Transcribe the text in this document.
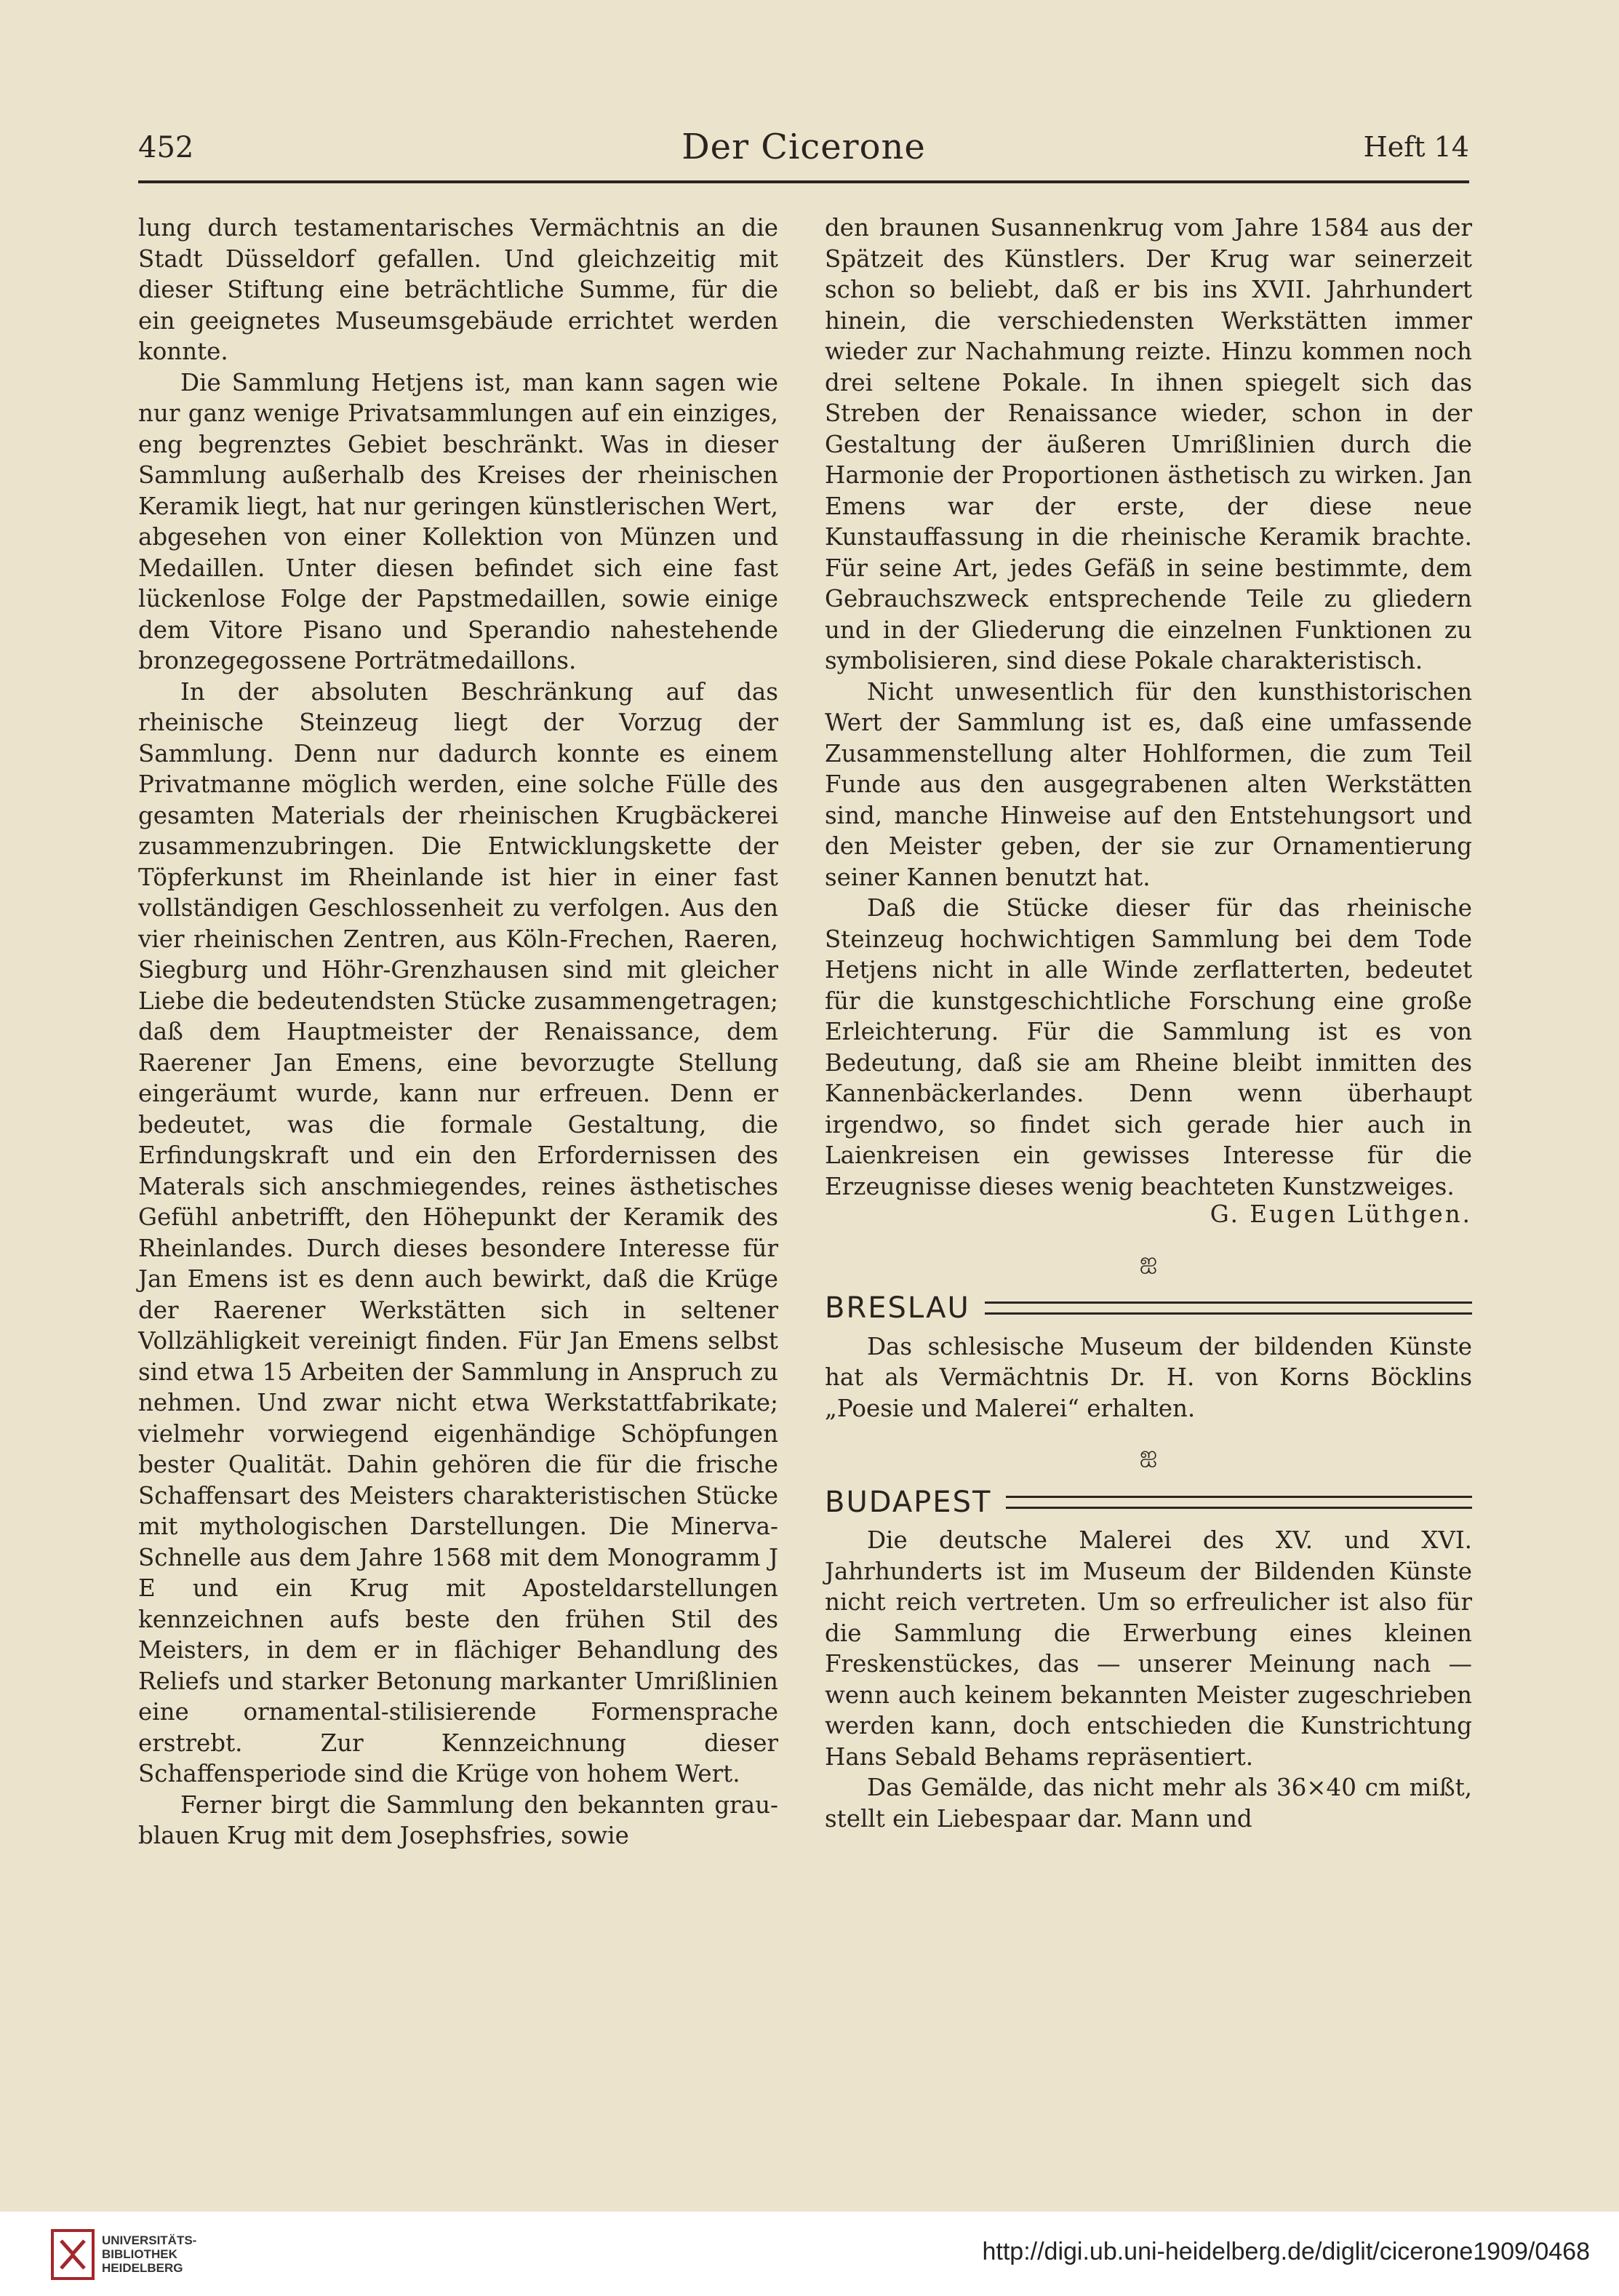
452	Der Cicerone	Heft 14

lung durch testamentarisches Vermächtnis an die Stadt Düsseldorf gefallen. Und gleichzeitig mit dieser Stiftung eine beträchtliche Summe, für die ein geeignetes Museumsgebäude errichtet werden konnte.

Die Sammlung Hetjens ist, man kann sagen wie nur ganz wenige Privatsammlungen auf ein einziges, eng begrenztes Gebiet beschränkt. Was in dieser Sammlung außerhalb des Kreises der rheinischen Keramik liegt, hat nur geringen künstlerischen Wert, abgesehen von einer Kollektion von Münzen und Medaillen. Unter diesen befindet sich eine fast lückenlose Folge der Papstmedaillen, sowie einige dem Vitore Pisano und Sperandio nahestehende bronzegegossene Porträtmedaillons.

In der absoluten Beschränkung auf das rheinische Steinzeug liegt der Vorzug der Sammlung. Denn nur dadurch konnte es einem Privatmanne möglich werden, eine solche Fülle des gesamten Materials der rheinischen Krugbäckerei zusammenzubringen. Die Entwicklungskette der Töpferkunst im Rheinlande ist hier in einer fast vollständigen Geschlossenheit zu verfolgen. Aus den vier rheinischen Zentren, aus Köln-Frechen, Raeren, Siegburg und Höhr-Grenzhausen sind mit gleicher Liebe die bedeutendsten Stücke zusammengetragen; daß dem Hauptmeister der Renaissance, dem Raerener Jan Emens, eine bevorzugte Stellung eingeräumt wurde, kann nur erfreuen. Denn er bedeutet, was die formale Gestaltung, die Erfindungskraft und ein den Erfordernissen des Materals sich anschmiegendes, reines ästhetisches Gefühl anbetrifft, den Höhepunkt der Keramik des Rheinlandes. Durch dieses besondere Interesse für Jan Emens ist es denn auch bewirkt, daß die Krüge der Raerener Werkstätten sich in seltener Vollzähligkeit vereinigt finden. Für Jan Emens selbst sind etwa 15 Arbeiten der Sammlung in Anspruch zu nehmen. Und zwar nicht etwa Werkstattfabrikate; vielmehr vorwiegend eigenhändige Schöpfungen bester Qualität. Dahin gehören die für die frische Schaffensart des Meisters charakteristischen Stücke mit mythologischen Darstellungen. Die Minerva-Schnelle aus dem Jahre 1568 mit dem Monogramm J E und ein Krug mit Aposteldarstellungen kennzeichnen aufs beste den frühen Stil des Meisters, in dem er in flächiger Behandlung des Reliefs und starker Betonung markanter Umrißlinien eine ornamental-stilisierende Formensprache erstrebt. Zur Kennzeichnung dieser Schaffensperiode sind die Krüge von hohem Wert.

Ferner birgt die Sammlung den bekannten grau-blauen Krug mit dem Josephsfries, sowie

den braunen Susannenkrug vom Jahre 1584 aus der Spätzeit des Künstlers. Der Krug war seinerzeit schon so beliebt, daß er bis ins XVII. Jahrhundert hinein, die verschiedensten Werkstätten immer wieder zur Nachahmung reizte. Hinzu kommen noch drei seltene Pokale. In ihnen spiegelt sich das Streben der Renaissance wieder, schon in der Gestaltung der äußeren Umrißlinien durch die Harmonie der Proportionen ästhetisch zu wirken. Jan Emens war der erste, der diese neue Kunstauffassung in die rheinische Keramik brachte. Für seine Art, jedes Gefäß in seine bestimmte, dem Gebrauchszweck entsprechende Teile zu gliedern und in der Gliederung die einzelnen Funktionen zu symbolisieren, sind diese Pokale charakteristisch.

Nicht unwesentlich für den kunsthistorischen Wert der Sammlung ist es, daß eine umfassende Zusammenstellung alter Hohlformen, die zum Teil Funde aus den ausgegrabenen alten Werkstätten sind, manche Hinweise auf den Entstehungsort und den Meister geben, der sie zur Ornamentierung seiner Kannen benutzt hat.

Daß die Stücke dieser für das rheinische Steinzeug hochwichtigen Sammlung bei dem Tode Hetjens nicht in alle Winde zerflatterten, bedeutet für die kunstgeschichtliche Forschung eine große Erleichterung. Für die Sammlung ist es von Bedeutung, daß sie am Rheine bleibt inmitten des Kannenbäckerlandes. Denn wenn überhaupt irgendwo, so findet sich gerade hier auch in Laienkreisen ein gewisses Interesse für die Erzeugnisse dieses wenig beachteten Kunstzweiges.

G. Eugen Lüthgen.
ஐ
BRESLAU

Das schlesische Museum der bildenden Künste hat als Vermächtnis Dr. H. von Korns Böcklins „Poesie und Malerei“ erhalten.

ஐ
BUDAPEST

Die deutsche Malerei des XV. und XVI. Jahrhunderts ist im Museum der Bildenden Künste nicht reich vertreten. Um so erfreulicher ist also für die Sammlung die Erwerbung eines kleinen Freskenstückes, das — unserer Meinung nach — wenn auch keinem bekannten Meister zugeschrieben werden kann, doch entschieden die Kunstrichtung Hans Sebald Behams repräsentiert.

Das Gemälde, das nicht mehr als 36×40 cm mißt, stellt ein Liebespaar dar. Mann und

UNIVERSITÄTS-
BIBLIOTHEK
HEIDELBERG
http://digi.ub.uni-heidelberg.de/diglit/cicerone1909/0468
